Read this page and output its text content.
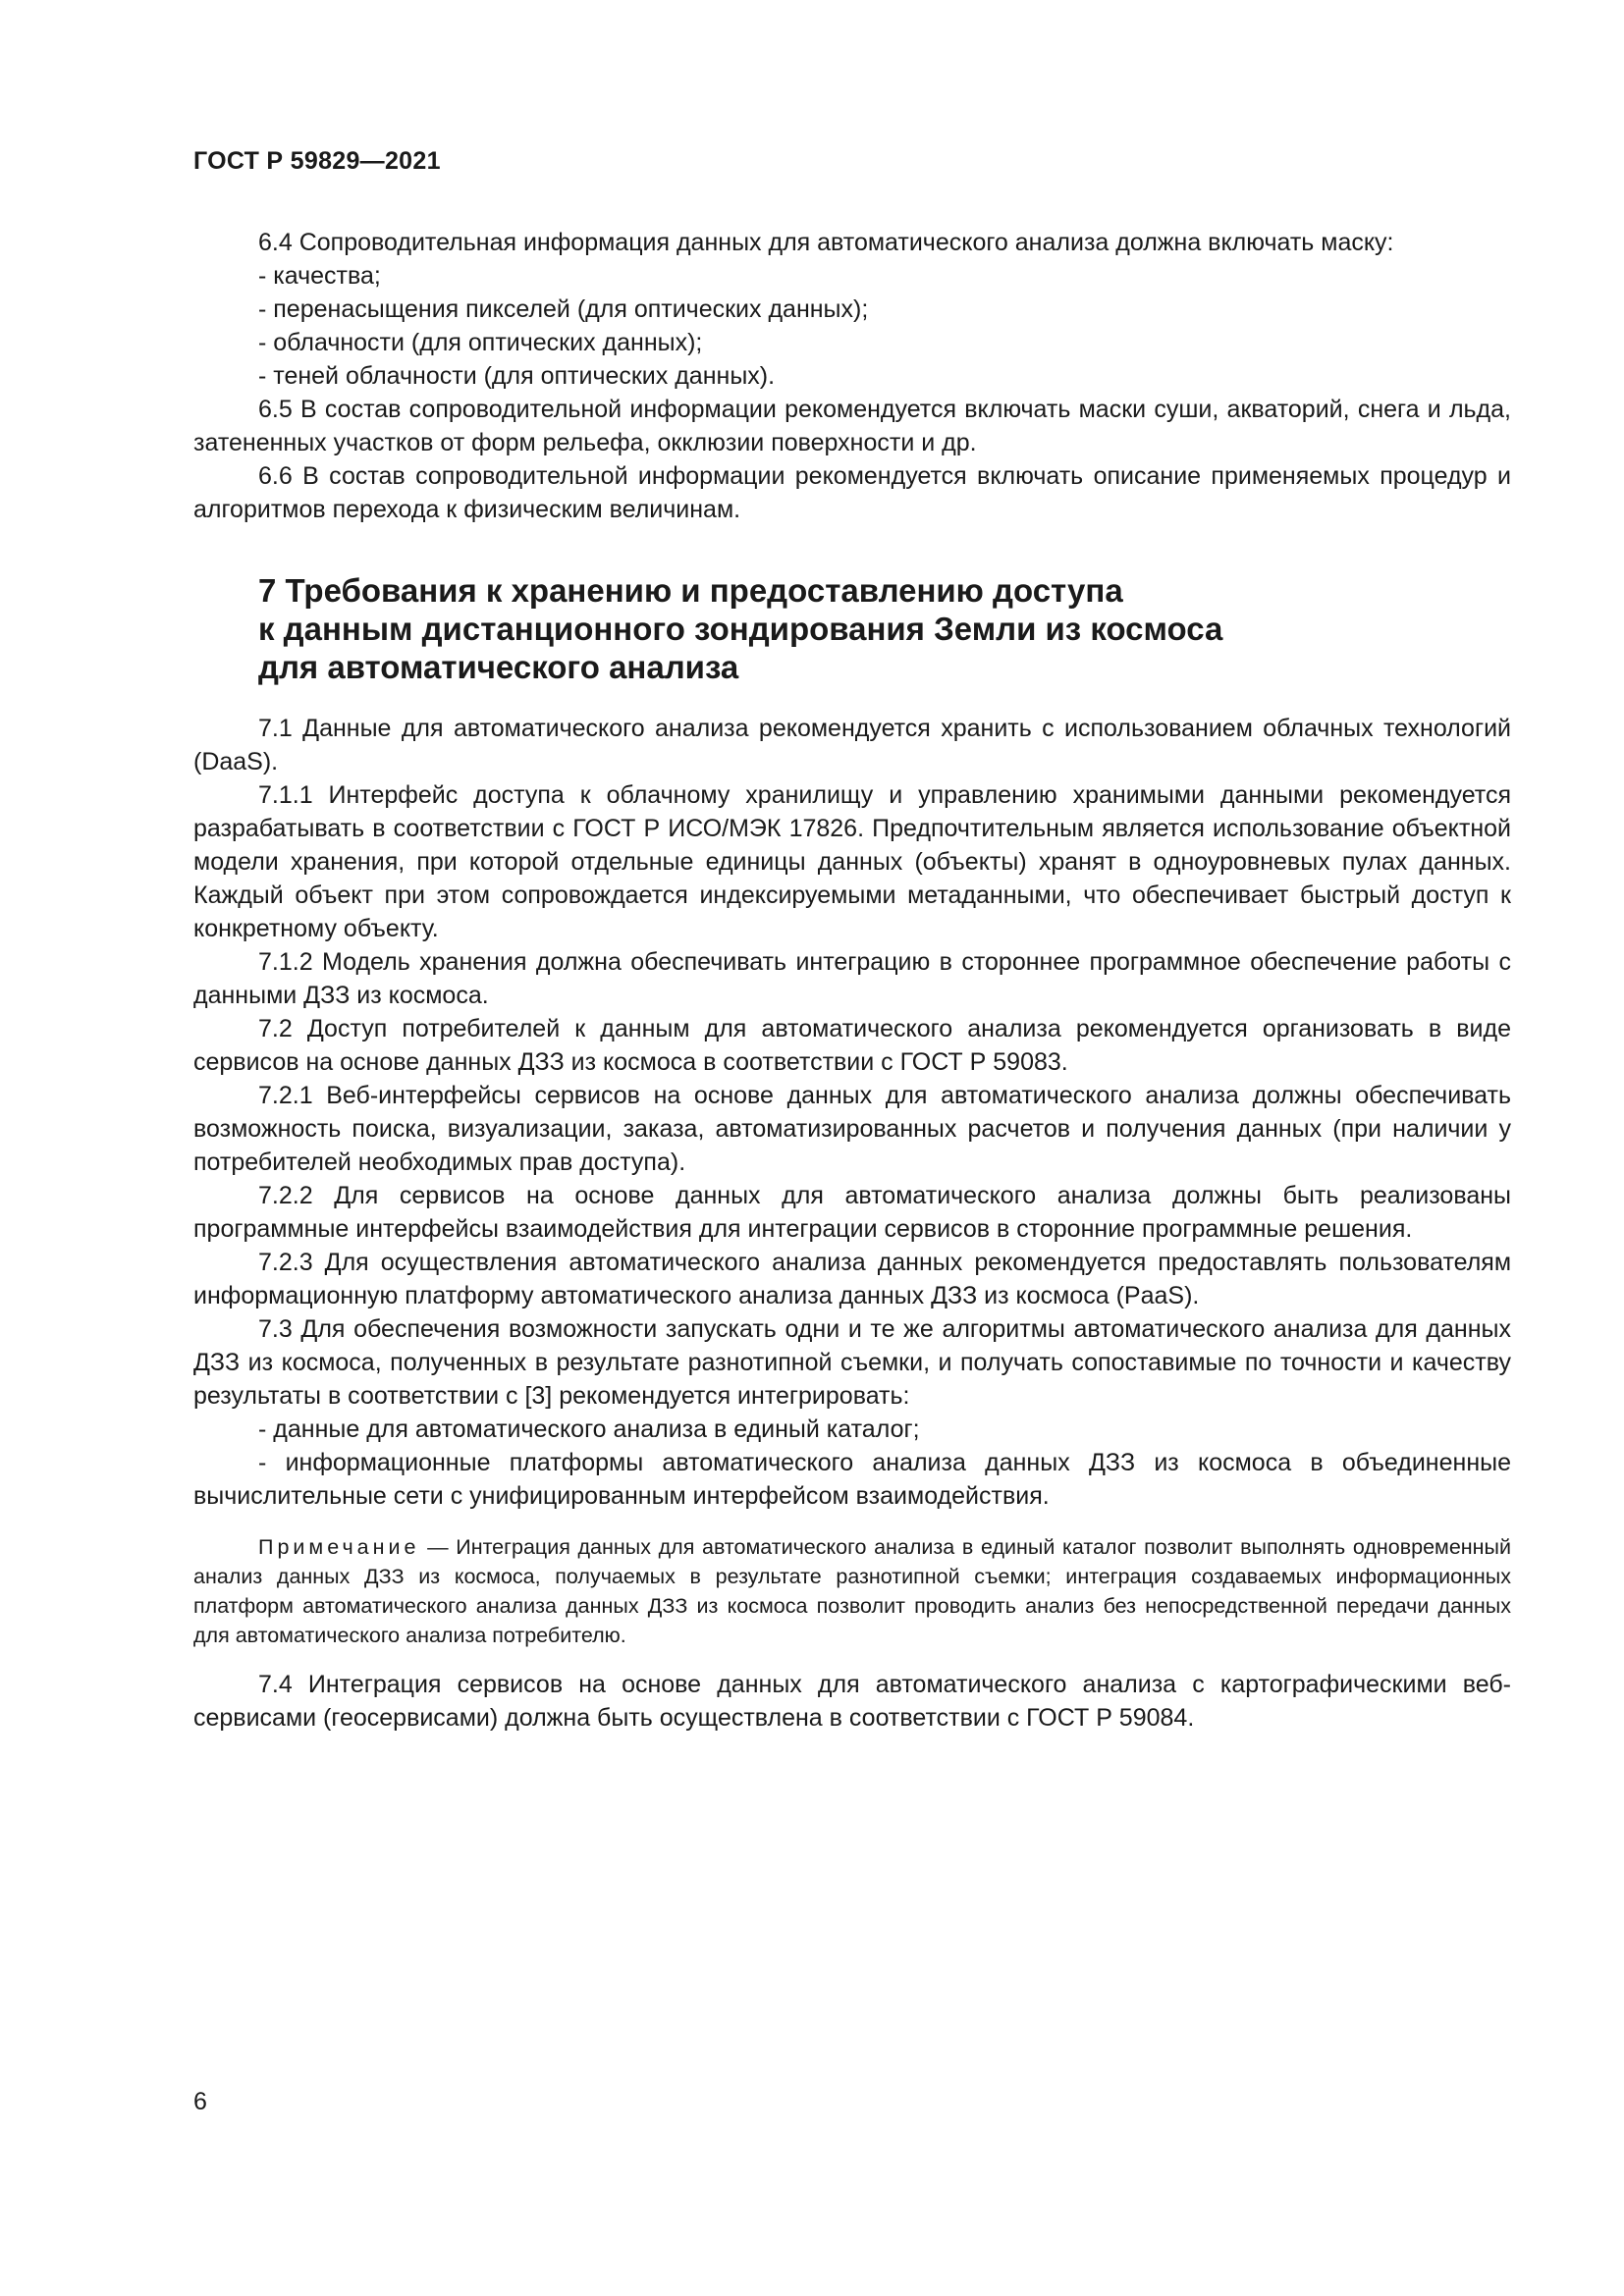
ГОСТ Р 59829—2021

6.4 Сопроводительная информация данных для автоматического анализа должна включать маску:

- качества;

- перенасыщения пикселей (для оптических данных);

- облачности (для оптических данных);

- теней облачности (для оптических данных).

6.5 В состав сопроводительной информации рекомендуется включать маски суши, акваторий, снега и льда, затененных участков от форм рельефа, окклюзии поверхности и др.

6.6 В состав сопроводительной информации рекомендуется включать описание применяемых процедур и алгоритмов перехода к физическим величинам.

7 Требования к хранению и предоставлению доступа
к данным дистанционного зондирования Земли из космоса
для автоматического анализа

7.1 Данные для автоматического анализа рекомендуется хранить с использованием облачных технологий (DaaS).

7.1.1 Интерфейс доступа к облачному хранилищу и управлению хранимыми данными рекомендуется разрабатывать в соответствии с ГОСТ Р ИСО/МЭК 17826. Предпочтительным является использование объектной модели хранения, при которой отдельные единицы данных (объекты) хранят в одноуровневых пулах данных. Каждый объект при этом сопровождается индексируемыми метаданными, что обеспечивает быстрый доступ к конкретному объекту.

7.1.2 Модель хранения должна обеспечивать интеграцию в стороннее программное обеспечение работы с данными ДЗЗ из космоса.

7.2 Доступ потребителей к данным для автоматического анализа рекомендуется организовать в виде сервисов на основе данных ДЗЗ из космоса в соответствии с ГОСТ Р 59083.

7.2.1 Веб-интерфейсы сервисов на основе данных для автоматического анализа должны обеспечивать возможность поиска, визуализации, заказа, автоматизированных расчетов и получения данных (при наличии у потребителей необходимых прав доступа).

7.2.2 Для сервисов на основе данных для автоматического анализа должны быть реализованы программные интерфейсы взаимодействия для интеграции сервисов в сторонние программные решения.

7.2.3 Для осуществления автоматического анализа данных рекомендуется предоставлять пользователям информационную платформу автоматического анализа данных ДЗЗ из космоса (PaaS).

7.3 Для обеспечения возможности запускать одни и те же алгоритмы автоматического анализа для данных ДЗЗ из космоса, полученных в результате разнотипной съемки, и получать сопоставимые по точности и качеству результаты в соответствии с [3] рекомендуется интегрировать:

- данные для автоматического анализа в единый каталог;

- информационные платформы автоматического анализа данных ДЗЗ из космоса в объединенные вычислительные сети с унифицированным интерфейсом взаимодействия.

Примечание — Интеграция данных для автоматического анализа в единый каталог позволит выполнять одновременный анализ данных ДЗЗ из космоса, получаемых в результате разнотипной съемки; интеграция создаваемых информационных платформ автоматического анализа данных ДЗЗ из космоса позволит проводить анализ без непосредственной передачи данных для автоматического анализа потребителю.

7.4 Интеграция сервисов на основе данных для автоматического анализа с картографическими веб-сервисами (геосервисами) должна быть осуществлена в соответствии с ГОСТ Р 59084.

6
